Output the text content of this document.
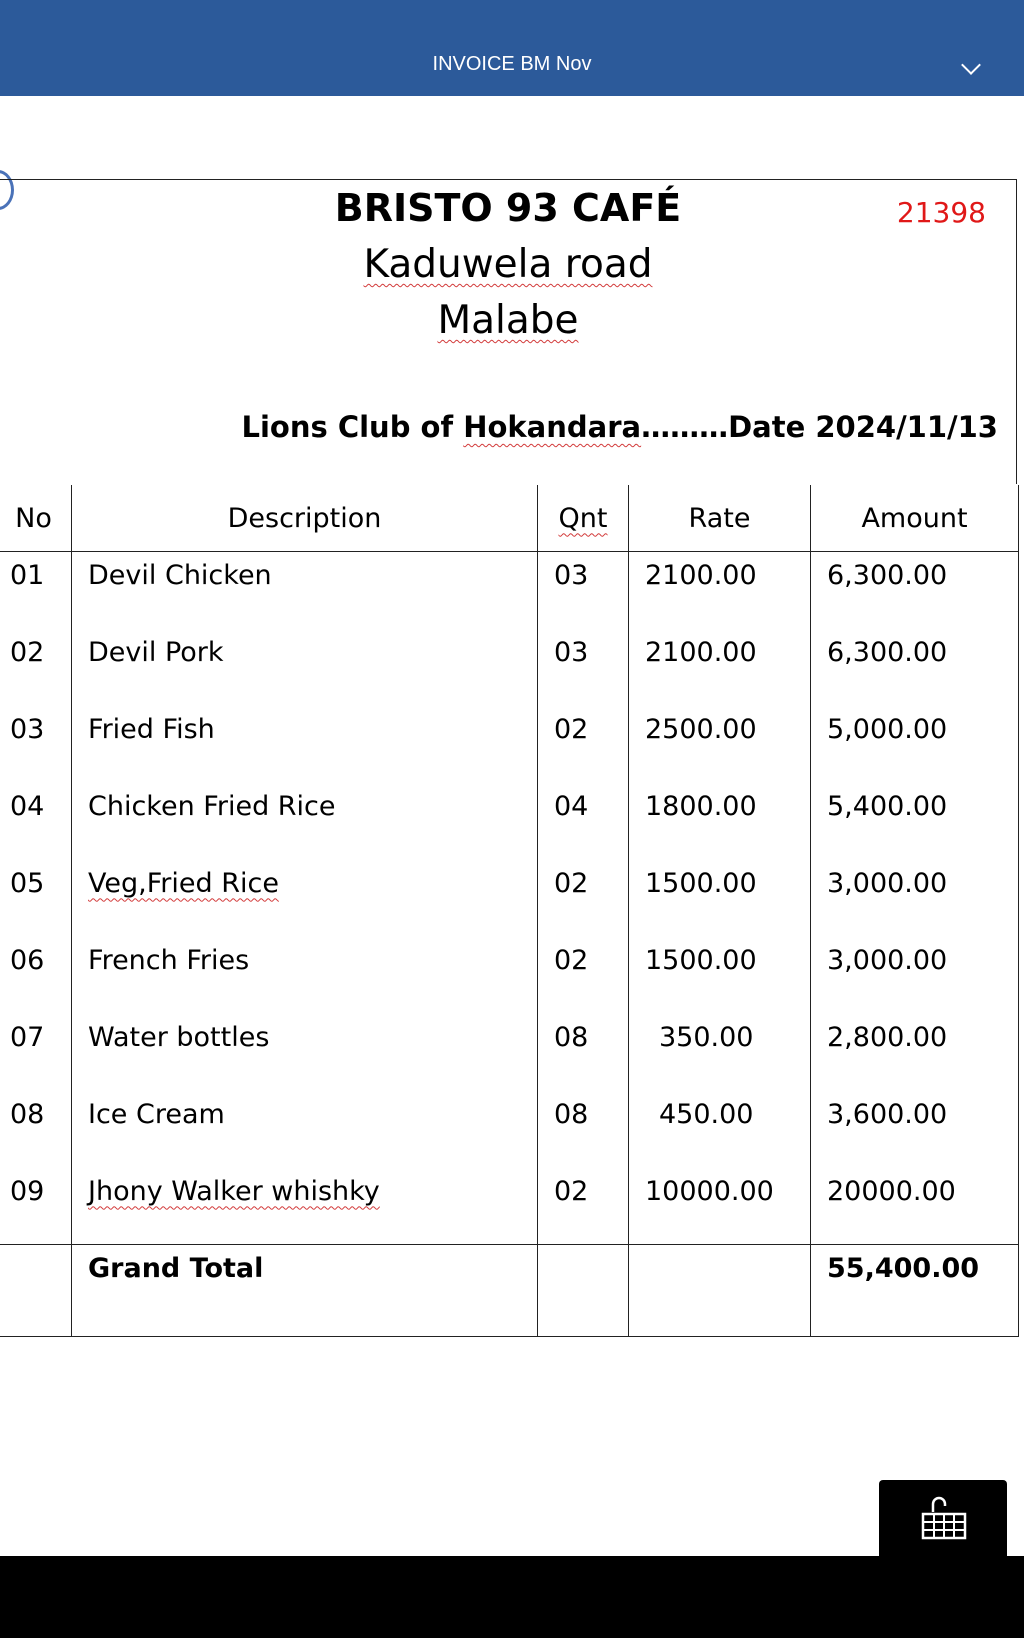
INVOICE BM Nov
BRISTO 93 CAFÉ	21398
Kaduwela road
Malabe
Lions Club of Hokandara………Date 2024/11/13
No	Description	Qnt	Rate	Amount
01	Devil Chicken	03	2100.00	6,300.00
02	Devil Pork	03	2100.00	6,300.00
03	Fried Fish	02	2500.00	5,000.00
04	Chicken Fried Rice	04	1800.00	5,400.00
05	Veg,Fried Rice	02	1500.00	3,000.00
06	French Fries	02	1500.00	3,000.00
07	Water bottles	08	350.00	2,800.00
08	Ice Cream	08	450.00	3,600.00
09	Jhony Walker whishky	02	10000.00	20000.00
	Grand Total			55,400.00
